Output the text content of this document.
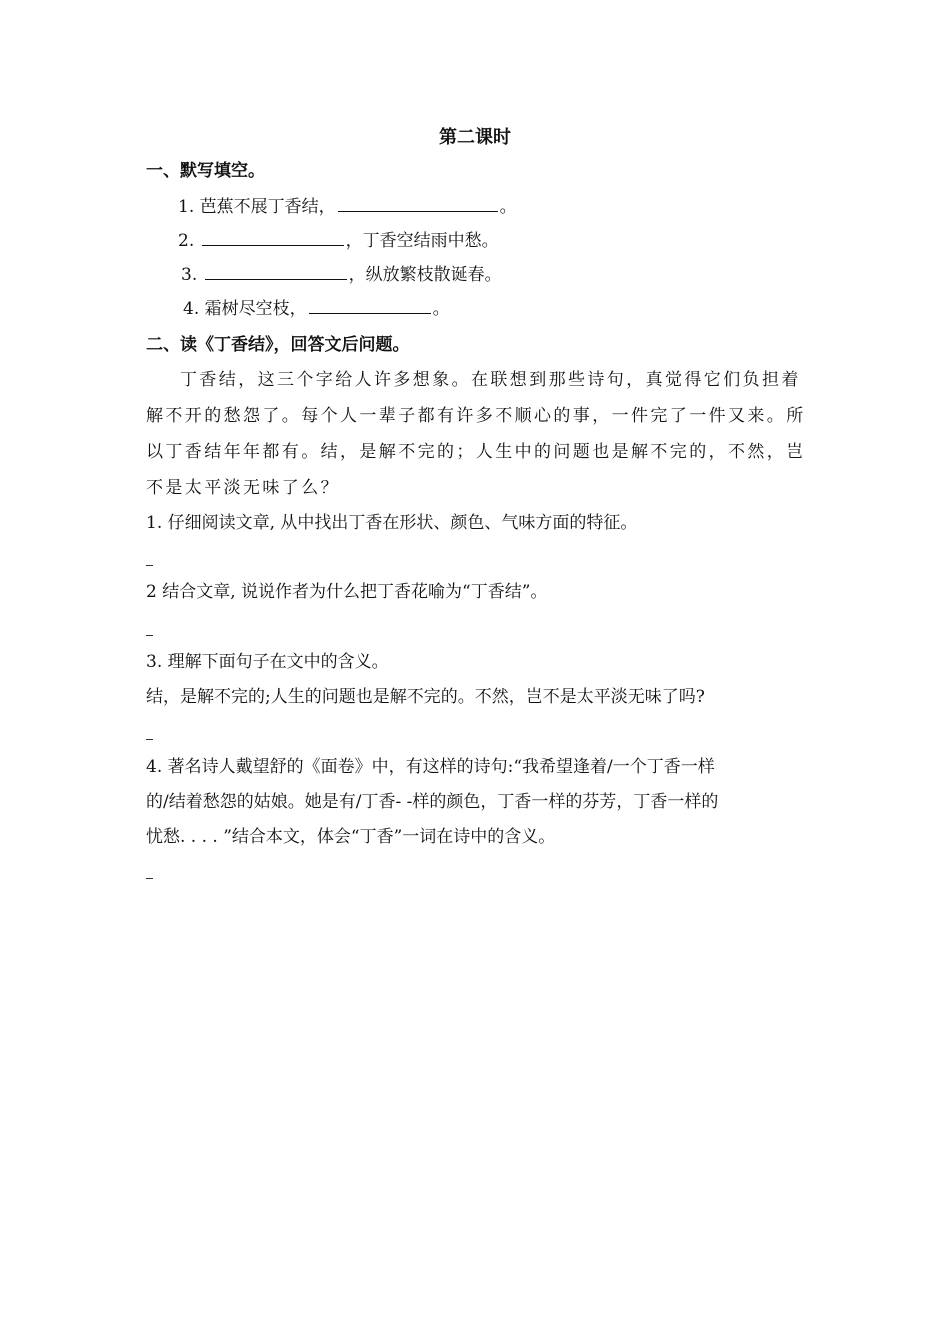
第二课时
一、默写填空。
1. 芭蕉不展丁香结，	。
2.	，丁香空结雨中愁。
3.	，纵放繁枝散诞春。
4. 霜树尽空枝，	。
二、读《丁香结》，回答文后问题。
丁香结，这三个字给人许多想象。在联想到那些诗句，真觉得它们负担着
解不开的愁怨了。每个人一辈子都有许多不顺心的事，一件完了一件又来。所
以丁香结年年都有。结，是解不完的；人生中的问题也是解不完的，不然，岂
不是太平淡无味了么？
1. 仔细阅读文章, 从中找出丁香在形状、颜色、气味方面的特征。
2 结合文章, 说说作者为什么把丁香花喻为“丁香结”。
3. 理解下面句子在文中的含义。
结，是解不完的;人生的问题也是解不完的。不然，岂不是太平淡无味了吗?
4. 著名诗人戴望舒的《面卷》中，有这样的诗句:“我希望逢着/一个丁香一样
的/结着愁怨的姑娘。她是有/丁香- -样的颜色，丁香一样的芬芳，丁香一样的
忧愁. . . . ”结合本文，体会“丁香”一词在诗中的含义。
